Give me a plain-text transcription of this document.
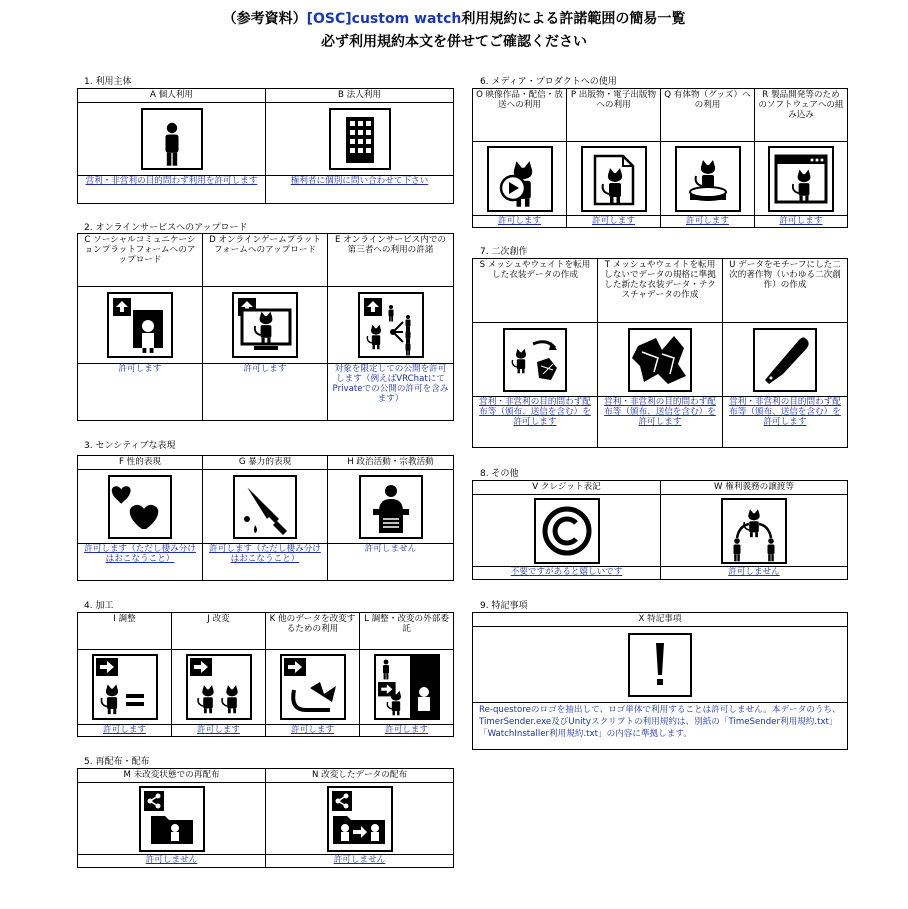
（参考資料）[OSC]custom watch利用規約による許諾範囲の簡易一覧
必ず利用規約本文を併せてご確認ください
1. 利用主体
A 個人利用
営利・非営利の目的問わず利用を許可します
B 法人利用
権利者に個別に問い合わせて下さい
2. オンラインサービスへのアップロード
C ソーシャルコミュニケーションプラットフォームへのアップロード
許可します
D オンラインゲームプラットフォームへのアップロード
許可します
E オンラインサービス内での第三者への利用の許諾
対象を限定しての公開を許可します（例えばVRChatにてPrivateでの公開の許可を含みます）
3. センシティブな表現
F 性的表現
許可します（ただし棲み分けはおこなうこと）
G 暴力的表現
許可します（ただし棲み分けはおこなうこと）
H 政治活動・宗教活動
許可しません
4. 加工
I 調整
許可します
J 改変
許可します
K 他のデータを改変するための利用
許可します
L 調整・改変の外部委託
許可します
5. 再配布・配布
M 未改変状態での再配布
許可しません
N 改変したデータの配布
許可しません
6. メディア・プロダクトへの使用
O 映像作品・配信・放送への利用
許可します
P 出版物・電子出版物への利用
許可します
Q 有体物（グッズ）への利用
許可します
R 製品開発等のためのソフトウェアへの組み込み
許可します
7. 二次創作
S メッシュやウェイトを転用した衣装データの作成
営利・非営利の目的問わず配布等（頒布、送信を含む）を許可します
T メッシュやウェイトを転用しないでデータの規格に準拠した新たな衣装データ・テクスチャデータの作成
営利・非営利の目的問わず配布等（頒布、送信を含む）を許可します
U データをモチーフにした二次的著作物（いわゆる二次創作）の作成
営利・非営利の目的問わず配布等（頒布、送信を含む）を許可します
8. その他
V クレジット表記
不要ですがあると嬉しいです
W 権利義務の譲渡等
許可しません
9. 特記事項
X 特記事項
Re-questoreのロゴを抽出して、ロゴ単体で利用することは許可しません。本データのうち、TimerSender.exe及びUnityスクリプトの利用規約は、別紙の「TimeSender利用規約.txt」「WatchInstaller利用規約.txt」の内容に準拠します。
